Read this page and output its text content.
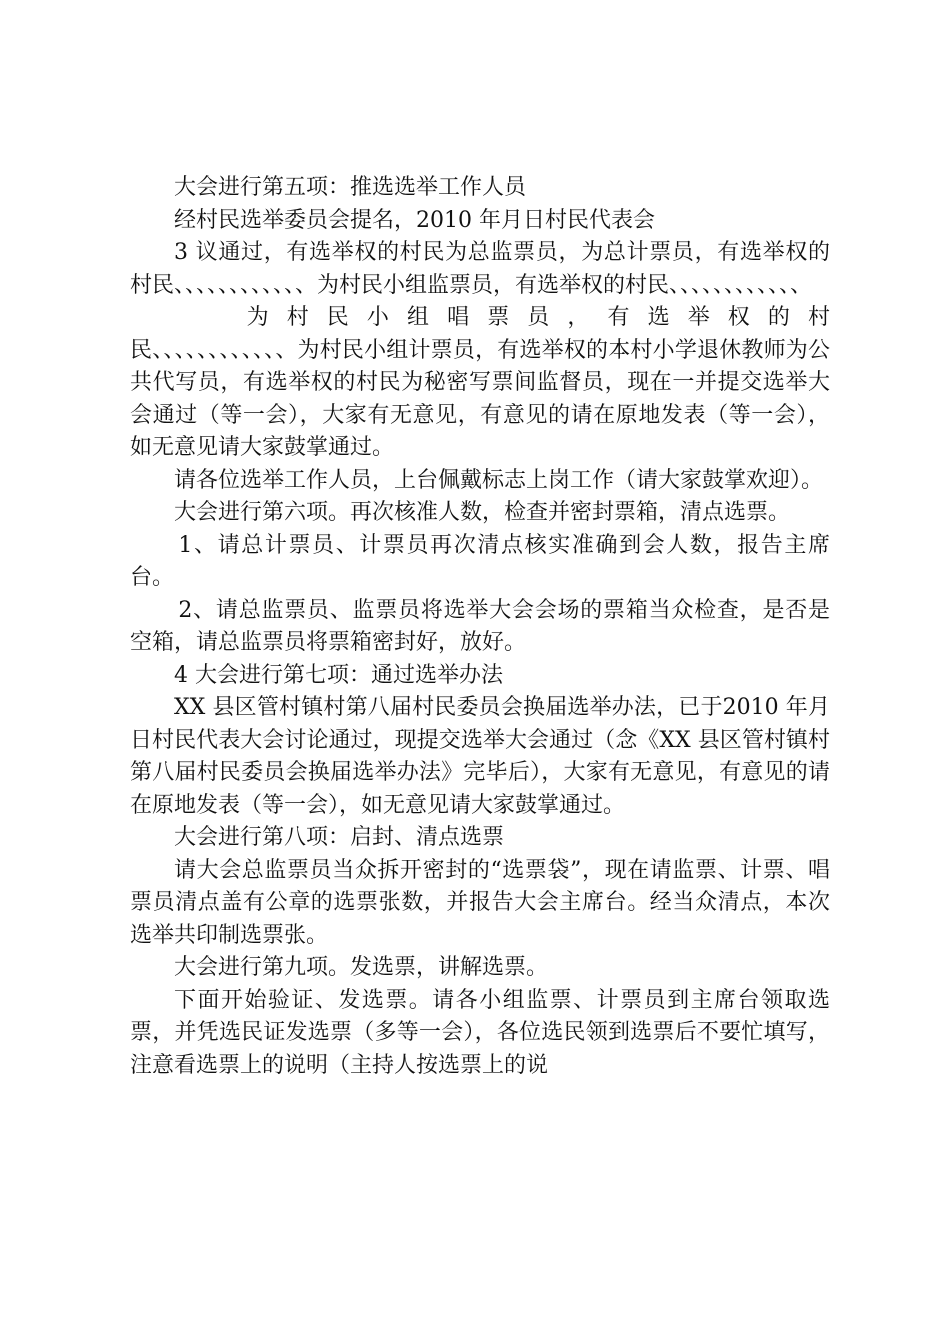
大会进行第五项：推选选举工作人员

经村民选举委员会提名，2010 年月日村民代表会

3 议通过，有选举权的村民为总监票员，为总计票员，有选举权的村民、、、、、、、、、、、、为村民小组监票员，有选举权的村民、、、、、、、、、、、、

为 村 民 小 组 唱 票 员 ， 有 选 举 权 的 村

民、、、、、、、、、、、、为村民小组计票员，有选举权的本村小学退休教师为公共代写员，有选举权的村民为秘密写票间监督员，现在一并提交选举大会通过（等一会），大家有无意见，有意见的请在原地发表（等一会），如无意见请大家鼓掌通过。

请各位选举工作人员，上台佩戴标志上岗工作（请大家鼓掌欢迎）。

大会进行第六项。再次核准人数，检查并密封票箱，清点选票。

1、请总计票员、计票员再次清点核实准确到会人数，报告主席台。

2、请总监票员、监票员将选举大会会场的票箱当众检查，是否是空箱，请总监票员将票箱密封好，放好。

4 大会进行第七项：通过选举办法

XX 县区管村镇村第八届村民委员会换届选举办法，已于2010 年月日村民代表大会讨论通过，现提交选举大会通过（念《XX 县区管村镇村第八届村民委员会换届选举办法》完毕后），大家有无意见，有意见的请在原地发表（等一会），如无意见请大家鼓掌通过。

大会进行第八项：启封、清点选票

请大会总监票员当众拆开密封的“选票袋”，现在请监票、计票、唱票员清点盖有公章的选票张数，并报告大会主席台。经当众清点，本次选举共印制选票张。

大会进行第九项。发选票，讲解选票。

下面开始验证、发选票。请各小组监票、计票员到主席台领取选票，并凭选民证发选票（多等一会），各位选民领到选票后不要忙填写，注意看选票上的说明（主持人按选票上的说
